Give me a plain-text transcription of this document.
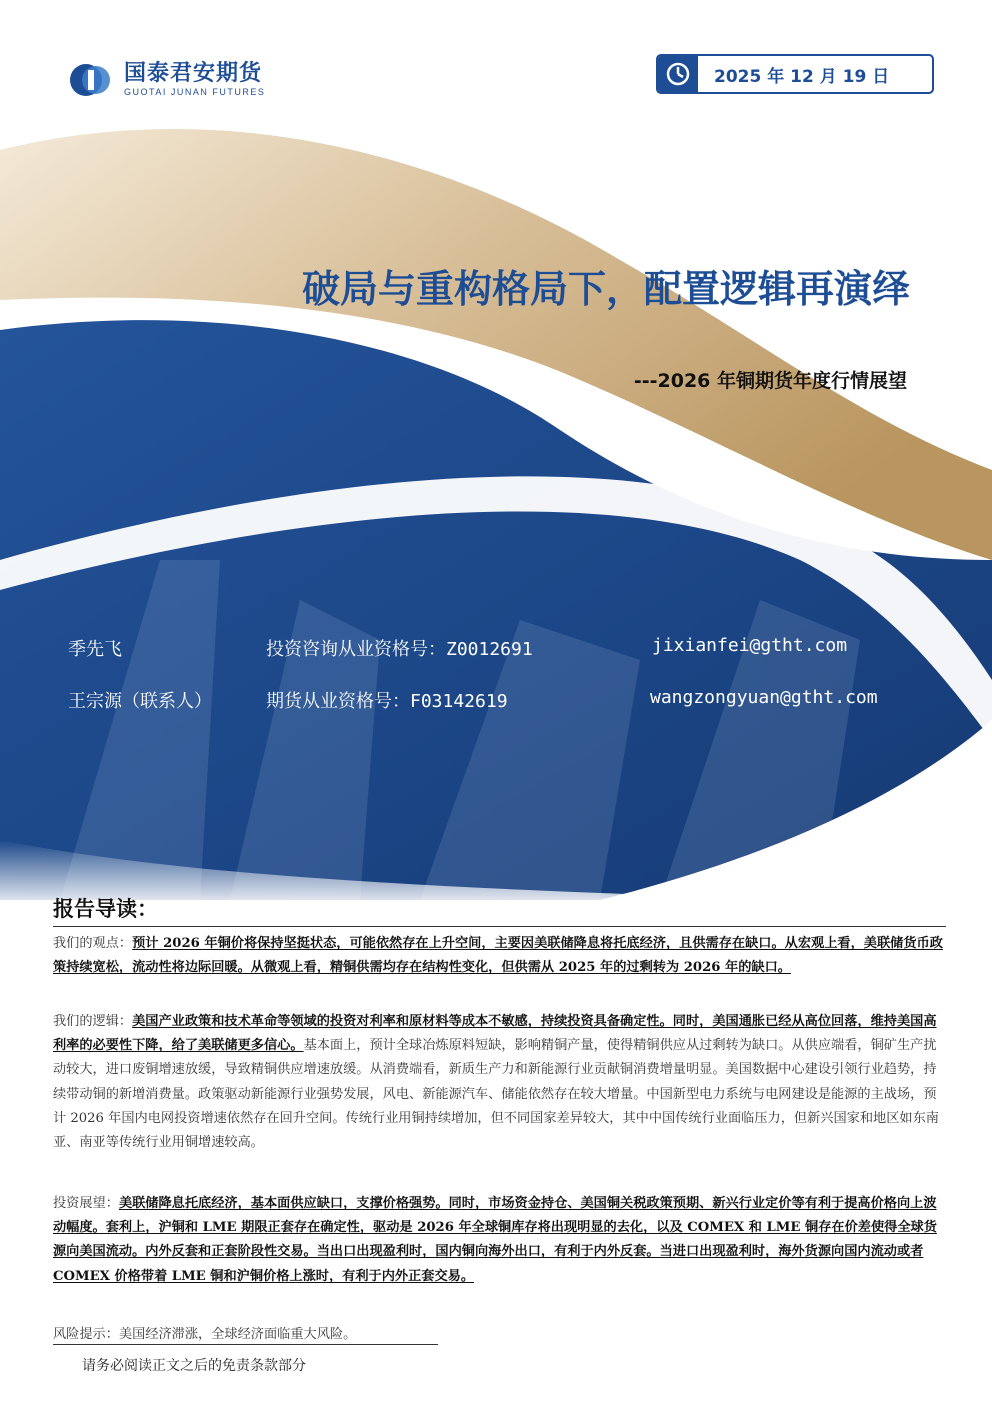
国泰君安期货
GUOTAI JUNAN FUTURES
2025 年 12 月 19 日
破局与重构格局下，配置逻辑再演绎
---2026 年铜期货年度行情展望
季先飞	投资咨询从业资格号：Z0012691	jixianfei@gtht.com
王宗源（联系人）	期货从业资格号：F03142619	wangzongyuan@gtht.com
报告导读：
我们的观点：预计 2026 年铜价将保持坚挺状态，可能依然存在上升空间，主要因美联储降息将托底经济，且供需存在缺口。从宏观上看，美联储货币政策持续宽松，流动性将边际回暖。从微观上看，精铜供需均存在结构性变化，但供需从 2025 年的过剩转为 2026 年的缺口。
我们的逻辑：美国产业政策和技术革命等领域的投资对利率和原材料等成本不敏感，持续投资具备确定性。同时，美国通胀已经从高位回落，维持美国高利率的必要性下降，给了美联储更多信心。基本面上，预计全球冶炼原料短缺，影响精铜产量，使得精铜供应从过剩转为缺口。从供应端看，铜矿生产扰动较大，进口废铜增速放缓，导致精铜供应增速放缓。从消费端看，新质生产力和新能源行业贡献铜消费增量明显。美国数据中心建设引领行业趋势，持续带动铜的新增消费量。政策驱动新能源行业强势发展，风电、新能源汽车、储能依然存在较大增量。中国新型电力系统与电网建设是能源的主战场，预计 2026 年国内电网投资增速依然存在回升空间。传统行业用铜持续增加，但不同国家差异较大，其中中国传统行业面临压力，但新兴国家和地区如东南亚、南亚等传统行业用铜增速较高。
投资展望：美联储降息托底经济，基本面供应缺口，支撑价格强势。同时，市场资金持仓、美国铜关税政策预期、新兴行业定价等有利于提高价格向上波动幅度。套利上，沪铜和 LME 期限正套存在确定性，驱动是 2026 年全球铜库存将出现明显的去化，以及 COMEX 和 LME 铜存在价差使得全球货源向美国流动。内外反套和正套阶段性交易。当出口出现盈利时，国内铜向海外出口，有利于内外反套。当进口出现盈利时，海外货源向国内流动或者 COMEX 价格带着 LME 铜和沪铜价格上涨时，有利于内外正套交易。
风险提示：美国经济滞涨，全球经济面临重大风险。
请务必阅读正文之后的免责条款部分
